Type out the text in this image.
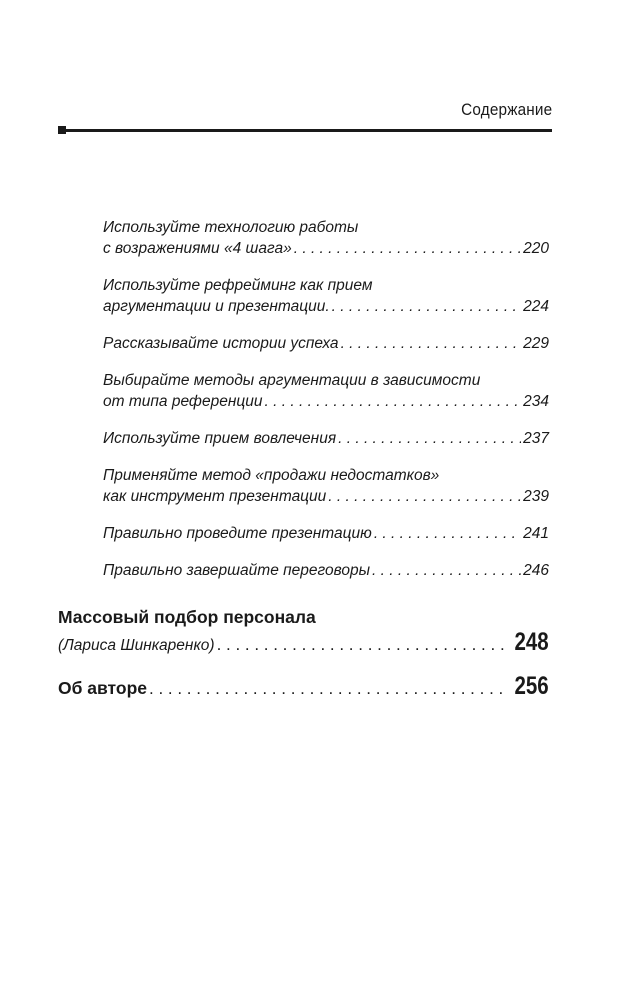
Содержание
Используйте технологию работы
с возражениями «4 шага» . . .	220
Используйте рефрейминг как прием
аргументации и презентации. . . .	224
Рассказывайте истории успеха . . .	229
Выбирайте методы аргументации в зависимости
от типа референции . . .	234
Используйте прием вовлечения . . .	237
Применяйте метод «продажи недостатков»
как инструмент презентации . . .	239
Правильно проведите презентацию . . .	241
Правильно завершайте переговоры . . .	246
Массовый подбор персонала
(Лариса Шинкаренко) . . .	248
Об авторе . . .	256
